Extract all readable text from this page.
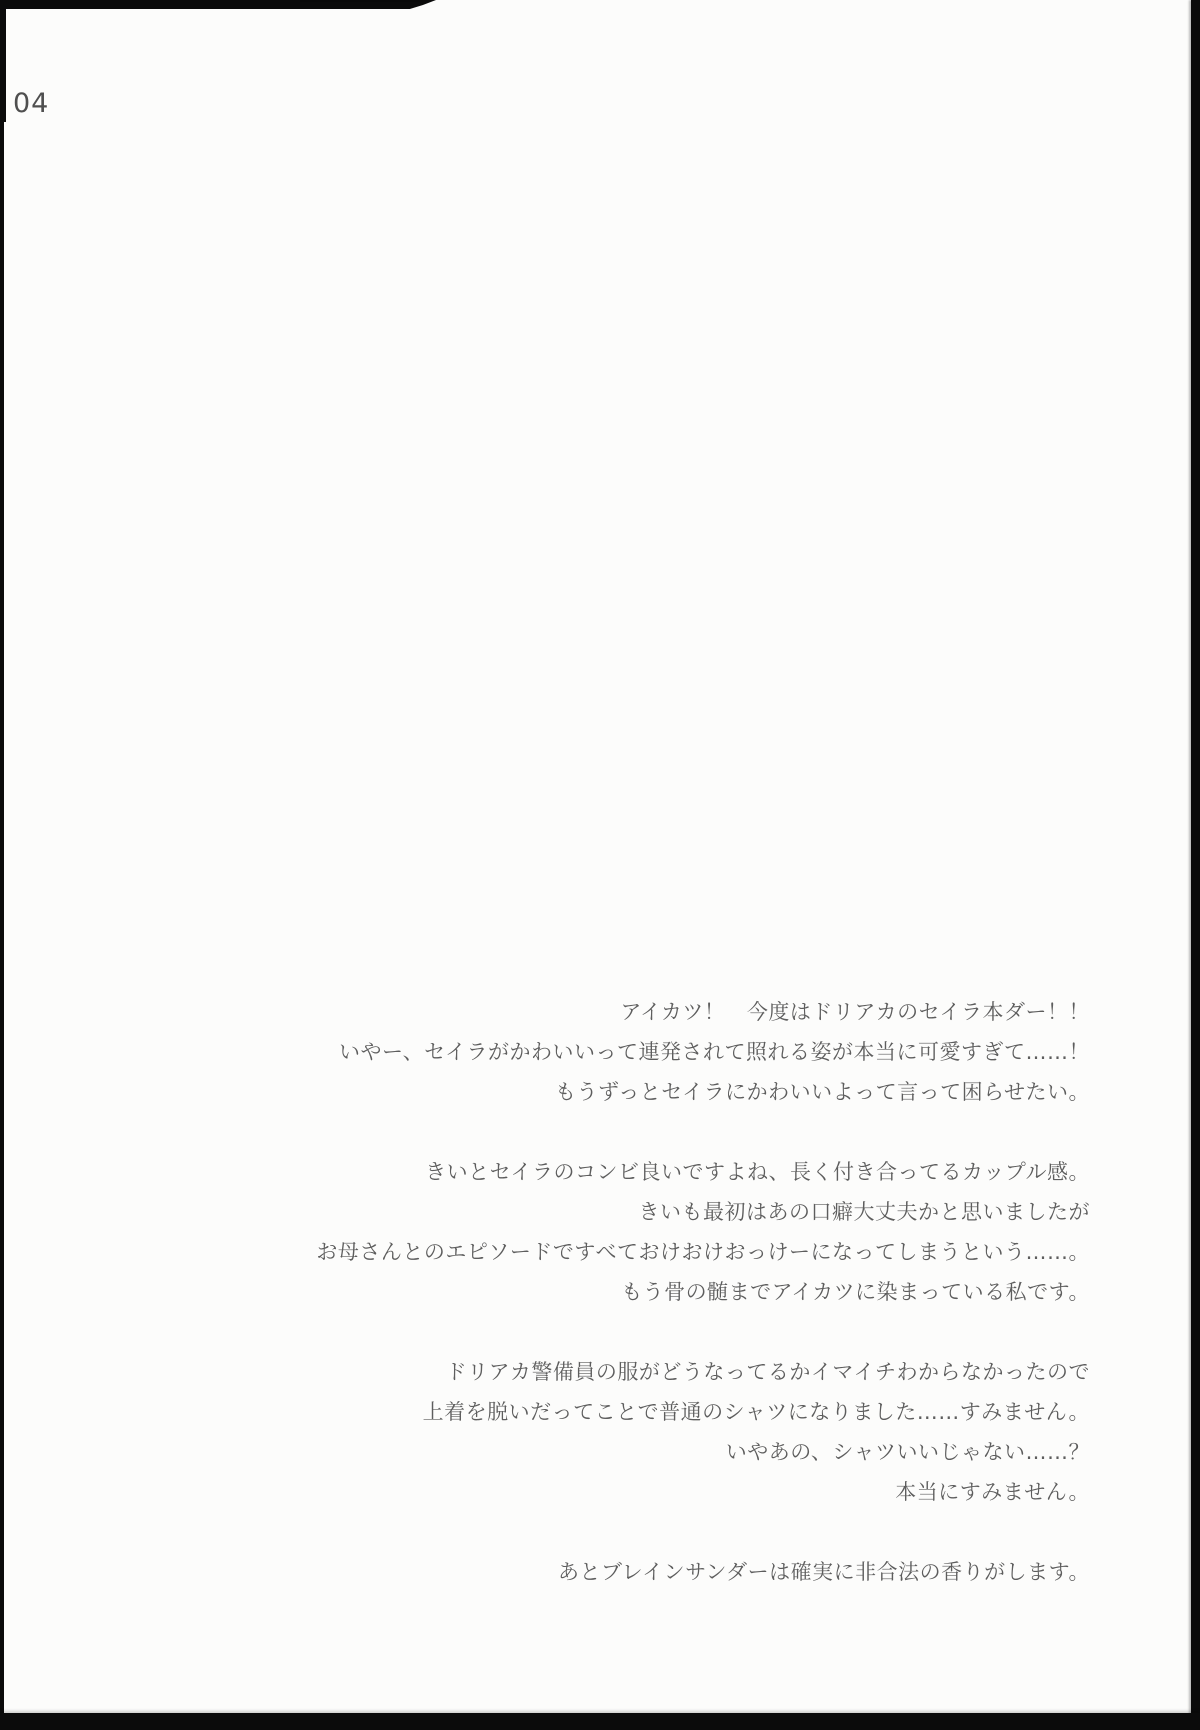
04

アイカツ！　今度はドリアカのセイラ本ダー！！
いやー、セイラがかわいいって連発されて照れる姿が本当に可愛すぎて……！
もうずっとセイラにかわいいよって言って困らせたい。

きいとセイラのコンビ良いですよね、長く付き合ってるカップル感。
きいも最初はあの口癖大丈夫かと思いましたが
お母さんとのエピソードですべておけおけおっけーになってしまうという……。
もう骨の髄までアイカツに染まっている私です。

ドリアカ警備員の服がどうなってるかイマイチわからなかったので
上着を脱いだってことで普通のシャツになりました……すみません。
いやあの、シャツいいじゃない……？
本当にすみません。

あとブレインサンダーは確実に非合法の香りがします。
